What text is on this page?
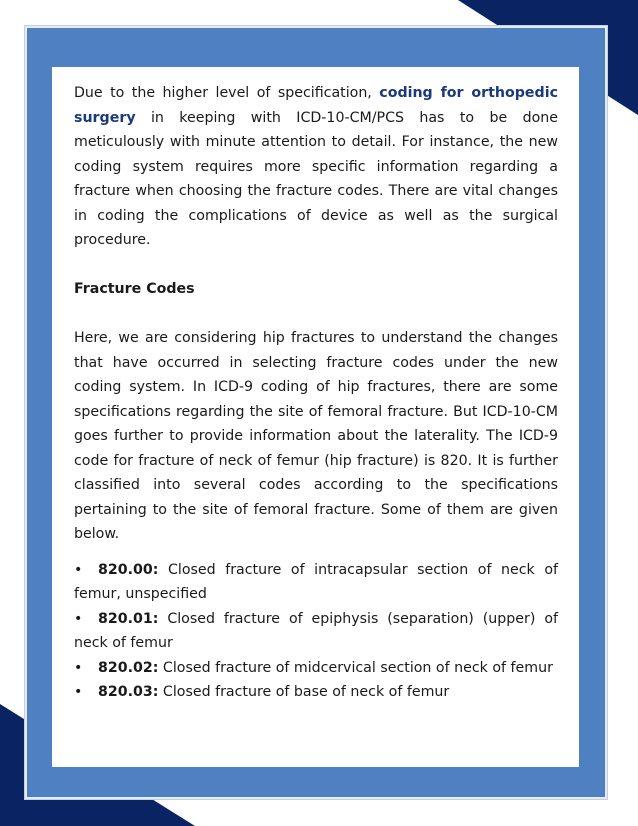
Due to the higher level of specification, coding for orthopedic surgery in keeping with ICD-10-CM/PCS has to be done meticulously with minute attention to detail. For instance, the new coding system requires more specific information regarding a fracture when choosing the fracture codes. There are vital changes in coding the complications of device as well as the surgical procedure.

Fracture Codes

Here, we are considering hip fractures to understand the changes that have occurred in selecting fracture codes under the new coding system. In ICD-9 coding of hip fractures, there are some specifications regarding the site of femoral fracture. But ICD-10-CM goes further to provide information about the laterality. The ICD-9 code for fracture of neck of femur (hip fracture) is 820. It is further classified into several codes according to the specifications pertaining to the site of femoral fracture. Some of them are given below.

• 820.00: Closed fracture of intracapsular section of neck of femur, unspecified
• 820.01: Closed fracture of epiphysis (separation) (upper) of neck of femur
• 820.02: Closed fracture of midcervical section of neck of femur
• 820.03: Closed fracture of base of neck of femur
